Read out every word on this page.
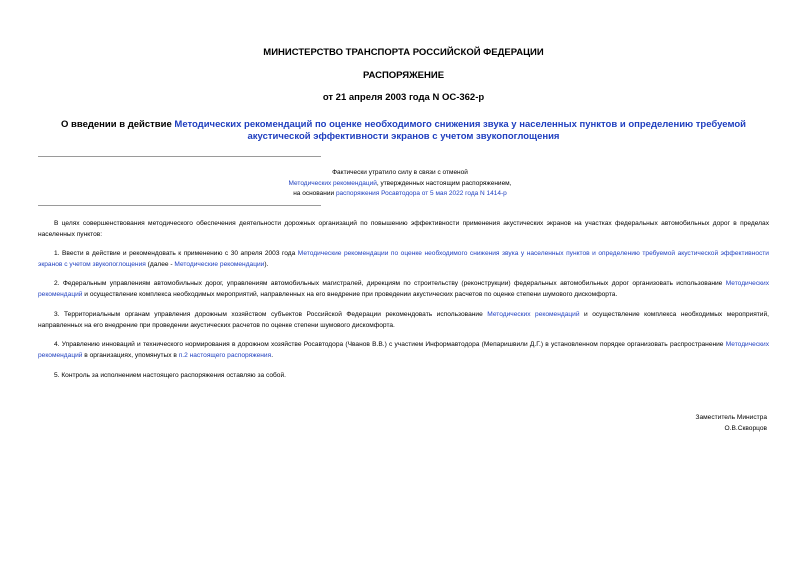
МИНИСТЕРСТВО ТРАНСПОРТА РОССИЙСКОЙ ФЕДЕРАЦИИ
РАСПОРЯЖЕНИЕ
от 21 апреля 2003 года N ОС-362-р
О введении в действие Методических рекомендаций по оценке необходимого снижения звука у населенных пунктов и определению требуемой акустической эффективности экранов с учетом звукопоглощения
Фактически утратило силу в связи с отменой
Методических рекомендаций, утвержденных настоящим распоряжением,
на основании распоряжения Росавтодора от 5 мая 2022 года N 1414-р
В целях совершенствования методического обеспечения деятельности дорожных организаций по повышению эффективности применения акустических экранов на участках федеральных автомобильных дорог в пределах населенных пунктов:
1. Ввести в действие и рекомендовать к применению с 30 апреля 2003 года Методические рекомендации по оценке необходимого снижения звука у населенных пунктов и определению требуемой акустической эффективности экранов с учетом звукопоглощения (далее - Методические рекомендации).
2. Федеральным управлениям автомобильных дорог, управлениям автомобильных магистралей, дирекциям по строительству (реконструкции) федеральных автомобильных дорог организовать использование Методических рекомендаций и осуществление комплекса необходимых мероприятий, направленных на его внедрение при проведении акустических расчетов по оценке степени шумового дискомфорта.
3. Территориальным органам управления дорожным хозяйством субъектов Российской Федерации рекомендовать использование Методических рекомендаций и осуществление комплекса необходимых мероприятий, направленных на его внедрение при проведении акустических расчетов по оценке степени шумового дискомфорта.
4. Управлению инноваций и технического нормирования в дорожном хозяйстве Росавтодора (Чванов В.В.) с участием Информавтодора (Мепаришвили Д.Г.) в установленном порядке организовать распространение Методических рекомендаций в организациях, упомянутых в п.2 настоящего распоряжения.
5. Контроль за исполнением настоящего распоряжения оставляю за собой.
Заместитель Министра
О.В.Скворцов
